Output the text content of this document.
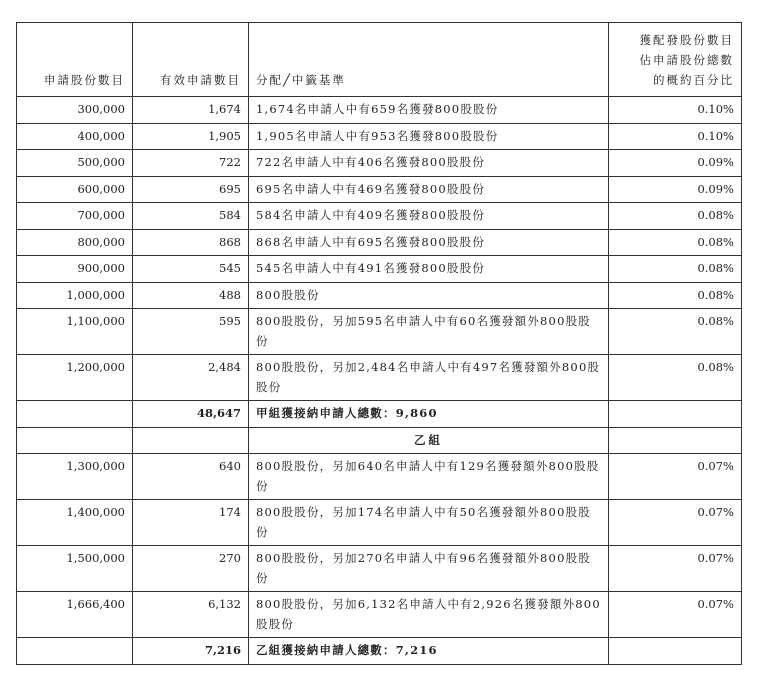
申請股份數目	有效申請數目	分配╱中籤基準	獲配發股份數目
佔申請股份總數
的概約百分比

300,000	1,674	1,674名申請人中有659名獲發800股股份	0.10%
400,000	1,905	1,905名申請人中有953名獲發800股股份	0.10%
500,000	722	722名申請人中有406名獲發800股股份	0.09%
600,000	695	695名申請人中有469名獲發800股股份	0.09%
700,000	584	584名申請人中有409名獲發800股股份	0.08%
800,000	868	868名申請人中有695名獲發800股股份	0.08%
900,000	545	545名申請人中有491名獲發800股股份	0.08%
1,000,000	488	800股股份	0.08%
1,100,000	595	800股股份，另加595名申請人中有60名獲發額外800股股份	0.08%
1,200,000	2,484	800股股份，另加2,484名申請人中有497名獲發額外800股股份	0.08%
	48,647	甲組獲接納申請人總數：9,860	
		乙組	
1,300,000	640	800股股份，另加640名申請人中有129名獲發額外800股股份	0.07%
1,400,000	174	800股股份，另加174名申請人中有50名獲發額外800股股份	0.07%
1,500,000	270	800股股份，另加270名申請人中有96名獲發額外800股股份	0.07%
1,666,400	6,132	800股股份，另加6,132名申請人中有2,926名獲發額外800股股份	0.07%
	7,216	乙組獲接納申請人總數：7,216	
